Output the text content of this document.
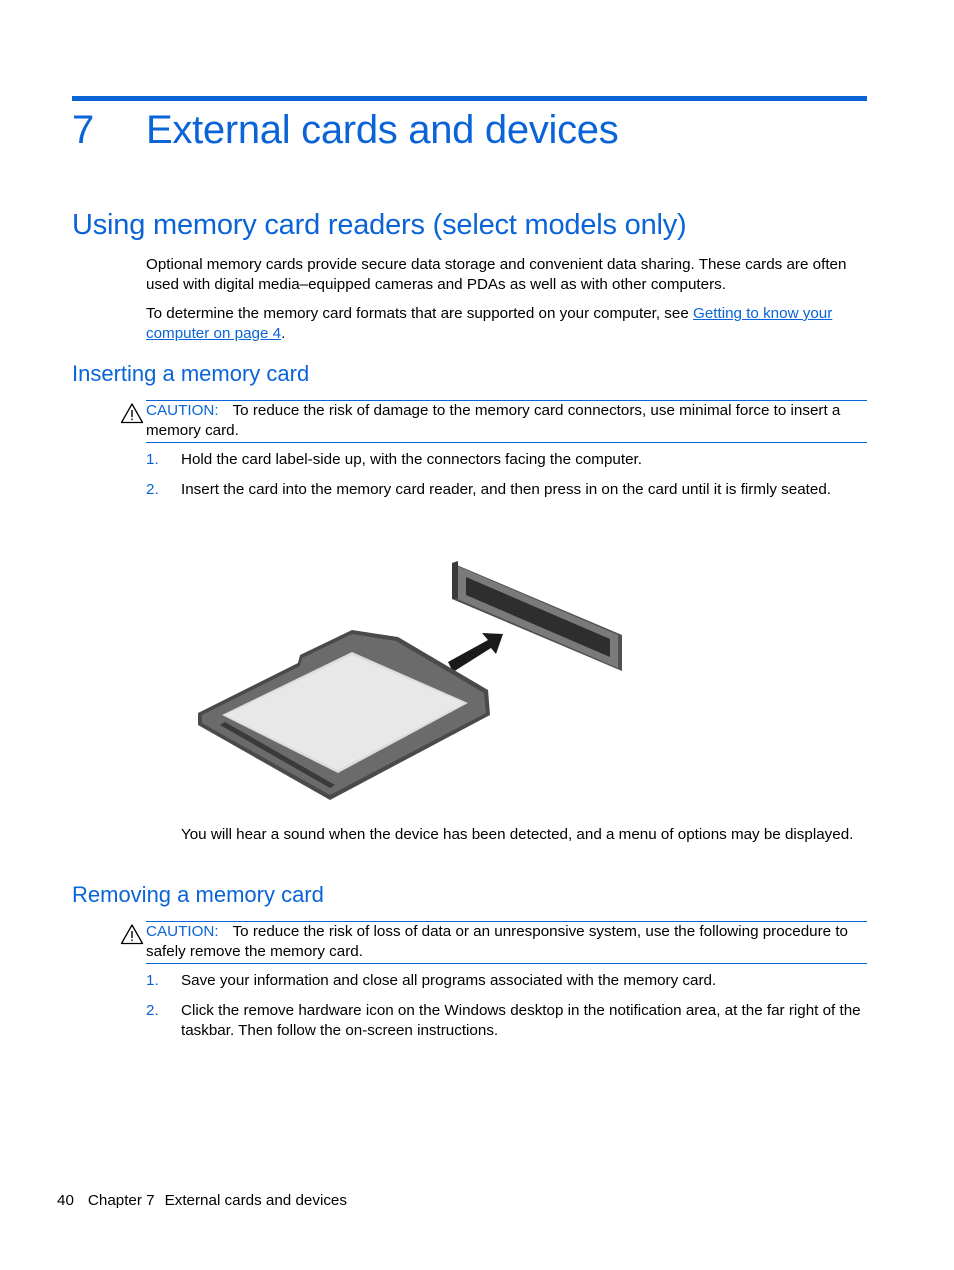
7 External cards and devices
Using memory card readers (select models only)
Optional memory cards provide secure data storage and convenient data sharing. These cards are often used with digital media–equipped cameras and PDAs as well as with other computers.
To determine the memory card formats that are supported on your computer, see Getting to know your computer on page 4.
Inserting a memory card
CAUTION: To reduce the risk of damage to the memory card connectors, use minimal force to insert a memory card.
1. Hold the card label-side up, with the connectors facing the computer.
2. Insert the card into the memory card reader, and then press in on the card until it is firmly seated.
You will hear a sound when the device has been detected, and a menu of options may be displayed.
Removing a memory card
CAUTION: To reduce the risk of loss of data or an unresponsive system, use the following procedure to safely remove the memory card.
1. Save your information and close all programs associated with the memory card.
2. Click the remove hardware icon on the Windows desktop in the notification area, at the far right of the taskbar. Then follow the on-screen instructions.
40 Chapter 7 External cards and devices
